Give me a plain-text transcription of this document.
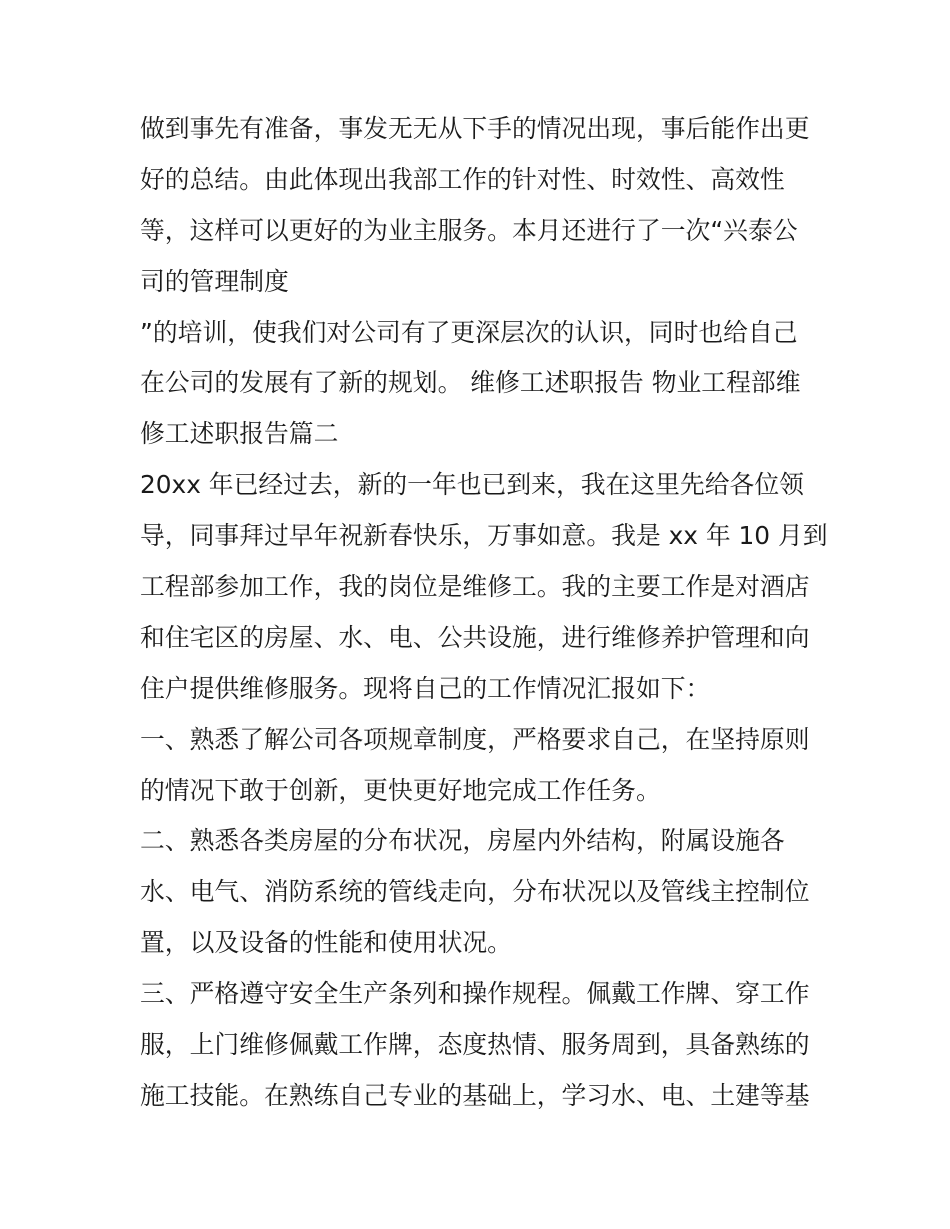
做到事先有准备，事发无无从下手的情况出现，事后能作出更
好的总结。由此体现出我部工作的针对性、时效性、高效性
等，这样可以更好的为业主服务。本月还进行了一次“兴泰公
司的管理制度
”的培训，使我们对公司有了更深层次的认识，同时也给自己
在公司的发展有了新的规划。 维修工述职报告 物业工程部维
修工述职报告篇二
20xx 年已经过去，新的一年也已到来，我在这里先给各位领
导，同事拜过早年祝新春快乐，万事如意。我是 xx 年 10 月到
工程部参加工作，我的岗位是维修工。我的主要工作是对酒店
和住宅区的房屋、水、电、公共设施，进行维修养护管理和向
住户提供维修服务。现将自己的工作情况汇报如下：
一、熟悉了解公司各项规章制度，严格要求自己，在坚持原则
的情况下敢于创新，更快更好地完成工作任务。
二、熟悉各类房屋的分布状况，房屋内外结构，附属设施各
水、电气、消防系统的管线走向，分布状况以及管线主控制位
置，以及设备的性能和使用状况。
三、严格遵守安全生产条列和操作规程。佩戴工作牌、穿工作
服，上门维修佩戴工作牌，态度热情、服务周到，具备熟练的
施工技能。在熟练自己专业的基础上，学习水、电、土建等基
